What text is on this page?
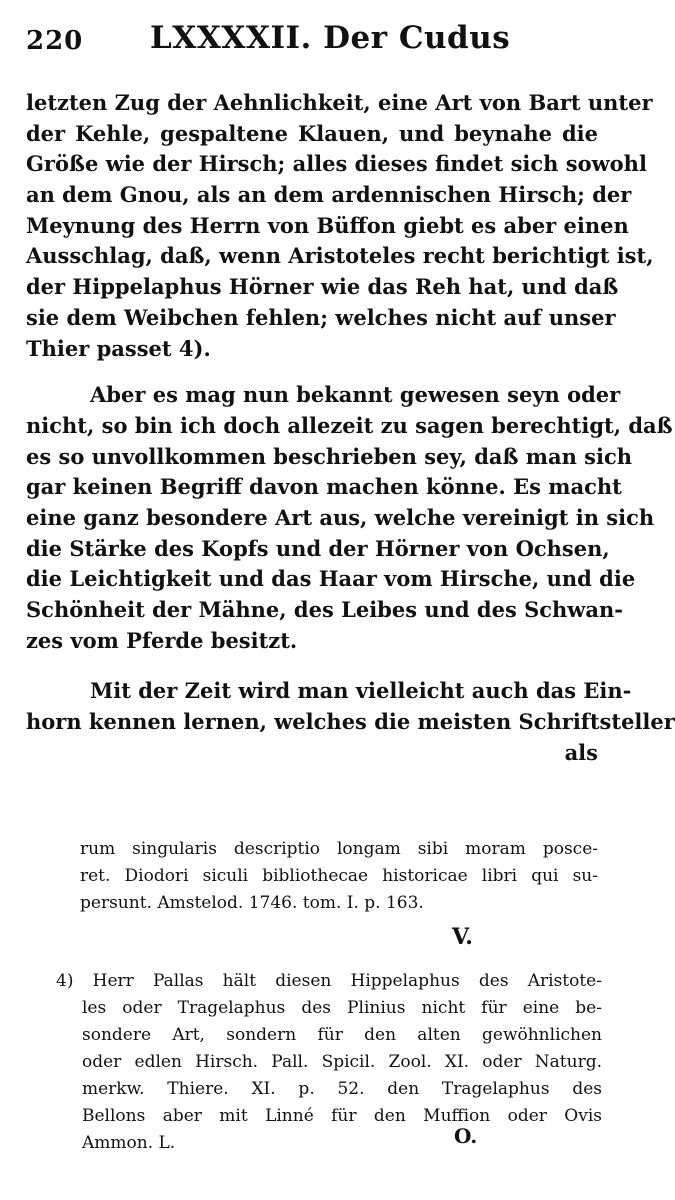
220 LXXXXII. Der Cudus
letzten Zug der Aehnlichkeit, eine Art von Bart unter
der Kehle, gespaltene Klauen, und beynahe die
Größe wie der Hirsch; alles dieses findet sich sowohl
an dem Gnou, als an dem ardennischen Hirsch; der
Meynung des Herrn von Büffon giebt es aber einen
Ausschlag, daß, wenn Aristoteles recht berichtigt ist,
der Hippelaphus Hörner wie das Reh hat, und daß
sie dem Weibchen fehlen; welches nicht auf unser
Thier passet 4).
Aber es mag nun bekannt gewesen seyn oder
nicht, so bin ich doch allezeit zu sagen berechtigt, daß
es so unvollkommen beschrieben sey, daß man sich
gar keinen Begriff davon machen könne. Es macht
eine ganz besondere Art aus, welche vereinigt in sich
die Stärke des Kopfs und der Hörner von Ochsen,
die Leichtigkeit und das Haar vom Hirsche, und die
Schönheit der Mähne, des Leibes und des Schwan-
zes vom Pferde besitzt.
Mit der Zeit wird man vielleicht auch das Ein-
horn kennen lernen, welches die meisten Schriftsteller
als
rum singularis descriptio longam sibi moram posce-
ret. Diodori siculi bibliothecae historicae libri qui su-
persunt. Amstelod. 1746. tom. I. p. 163.
V.
4) Herr Pallas hält diesen Hippelaphus des Aristote-
les oder Tragelaphus des Plinius nicht für eine be-
sondere Art, sondern für den alten gewöhnlichen
oder edlen Hirsch. Pall. Spicil. Zool. XI. oder Naturg.
merkw. Thiere. XI. p. 52. den Tragelaphus des
Bellons aber mit Linné für den Muffion oder Ovis
Ammon. L.	O.
